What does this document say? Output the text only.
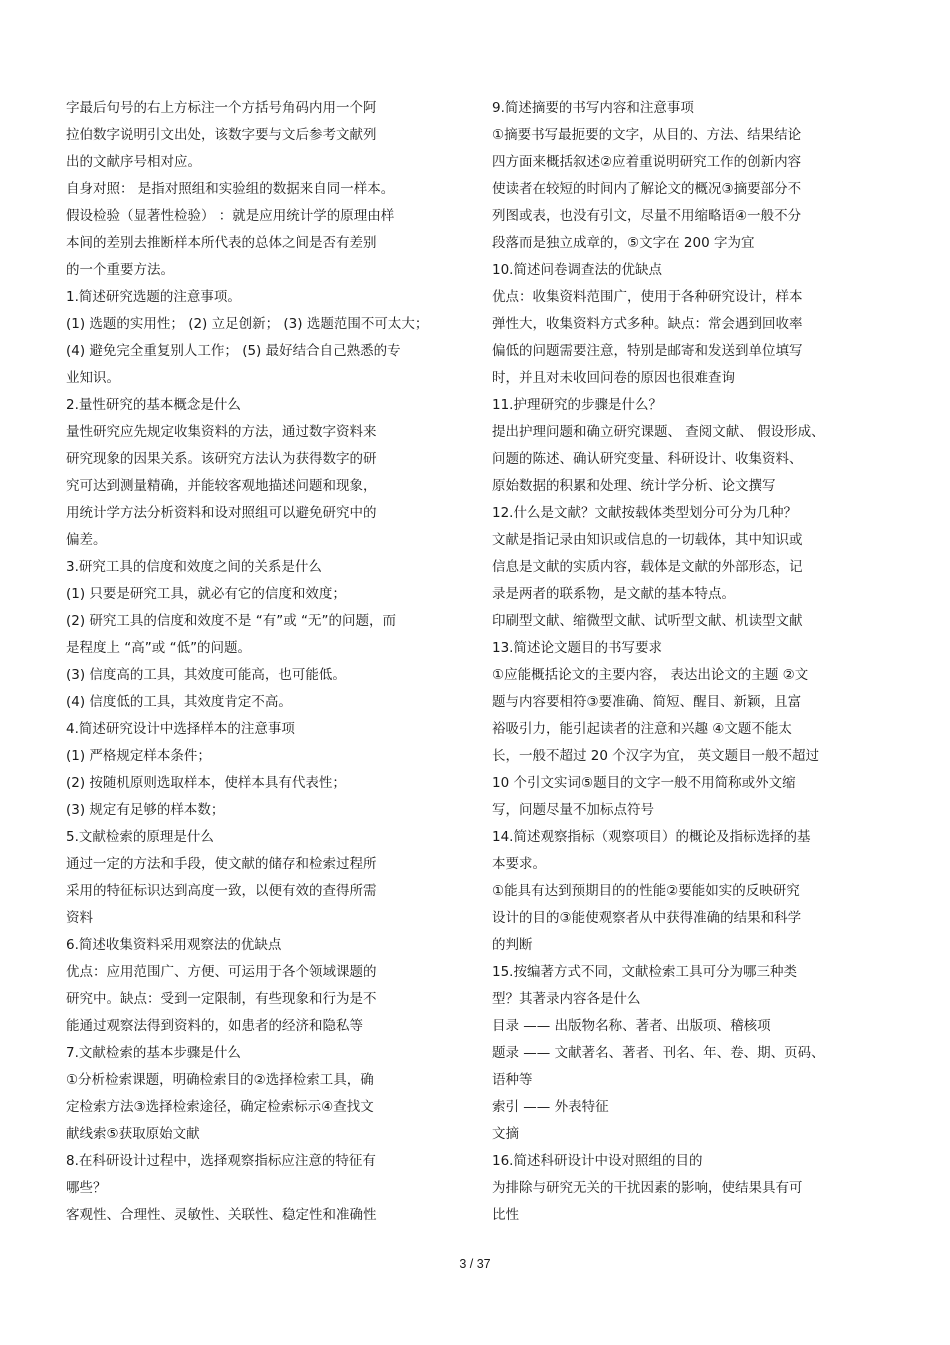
字最后句号的右上方标注一个方括号角码内用一个阿
拉伯数字说明引文出处，该数字要与文后参考文献列
出的文献序号相对应。
自身对照： 是指对照组和实验组的数据来自同一样本。
假设检验（显著性检验） ：就是应用统计学的原理由样
本间的差别去推断样本所代表的总体之间是否有差别
的一个重要方法。
1.简述研究选题的注意事项。
(1) 选题的实用性； (2) 立足创新； (3) 选题范围不可太大；
(4) 避免完全重复别人工作； (5) 最好结合自己熟悉的专
业知识。
2.量性研究的基本概念是什么
量性研究应先规定收集资料的方法，通过数字资料来
研究现象的因果关系。该研究方法认为获得数字的研
究可达到测量精确，并能较客观地描述问题和现象，
用统计学方法分析资料和设对照组可以避免研究中的
偏差。
3.研究工具的信度和效度之间的关系是什么
(1) 只要是研究工具，就必有它的信度和效度；
(2) 研究工具的信度和效度不是 “有”或 “无”的问题，而
是程度上 “高”或 “低”的问题。
(3) 信度高的工具，其效度可能高，也可能低。
(4) 信度低的工具，其效度肯定不高。
4.简述研究设计中选择样本的注意事项
(1) 严格规定样本条件；
(2) 按随机原则选取样本，使样本具有代表性；
(3) 规定有足够的样本数；
5.文献检索的原理是什么
通过一定的方法和手段，使文献的储存和检索过程所
采用的特征标识达到高度一致，以便有效的查得所需
资料
6.简述收集资料采用观察法的优缺点
优点：应用范围广、方便、可运用于各个领域课题的
研究中。缺点：受到一定限制，有些现象和行为是不
能通过观察法得到资料的，如患者的经济和隐私等
7.文献检索的基本步骤是什么
①分析检索课题，明确检索目的②选择检索工具，确
定检索方法③选择检索途径，确定检索标示④查找文
献线索⑤获取原始文献
8.在科研设计过程中，选择观察指标应注意的特征有
哪些？
客观性、合理性、灵敏性、关联性、稳定性和准确性
9.简述摘要的书写内容和注意事项
①摘要书写最扼要的文字，从目的、方法、结果结论
四方面来概括叙述②应着重说明研究工作的创新内容
使读者在较短的时间内了解论文的概况③摘要部分不
列图或表，也没有引文，尽量不用缩略语④一般不分
段落而是独立成章的，⑤文字在 200 字为宜
10.简述问卷调查法的优缺点
优点：收集资料范围广，使用于各种研究设计，样本
弹性大，收集资料方式多种。缺点：常会遇到回收率
偏低的问题需要注意，特别是邮寄和发送到单位填写
时，并且对未收回问卷的原因也很难查询
11.护理研究的步骤是什么？
提出护理问题和确立研究课题、 查阅文献、 假设形成、
问题的陈述、确认研究变量、科研设计、收集资料、
原始数据的积累和处理、统计学分析、论文撰写
12.什么是文献？文献按载体类型划分可分为几种？
文献是指记录由知识或信息的一切载体，其中知识或
信息是文献的实质内容，载体是文献的外部形态，记
录是两者的联系物，是文献的基本特点。
印刷型文献、缩微型文献、试听型文献、机读型文献
13.简述论文题目的书写要求
①应能概括论文的主要内容， 表达出论文的主题 ②文
题与内容要相符③要准确、简短、醒目、新颖，且富
裕吸引力，能引起读者的注意和兴趣 ④文题不能太
长，一般不超过 20 个汉字为宜， 英文题目一般不超过
10 个引文实词⑤题目的文字一般不用简称或外文缩
写，问题尽量不加标点符号
14.简述观察指标（观察项目）的概论及指标选择的基
本要求。
①能具有达到预期目的的性能②要能如实的反映研究
设计的目的③能使观察者从中获得准确的结果和科学
的判断
15.按编著方式不同，文献检索工具可分为哪三种类
型？其著录内容各是什么
目录 —— 出版物名称、著者、出版项、稽核项
题录 —— 文献著名、著者、刊名、年、卷、期、页码、
语种等
索引 —— 外表特征
文摘
16.简述科研设计中设对照组的目的
为排除与研究无关的干扰因素的影响，使结果具有可
比性
3 / 37
